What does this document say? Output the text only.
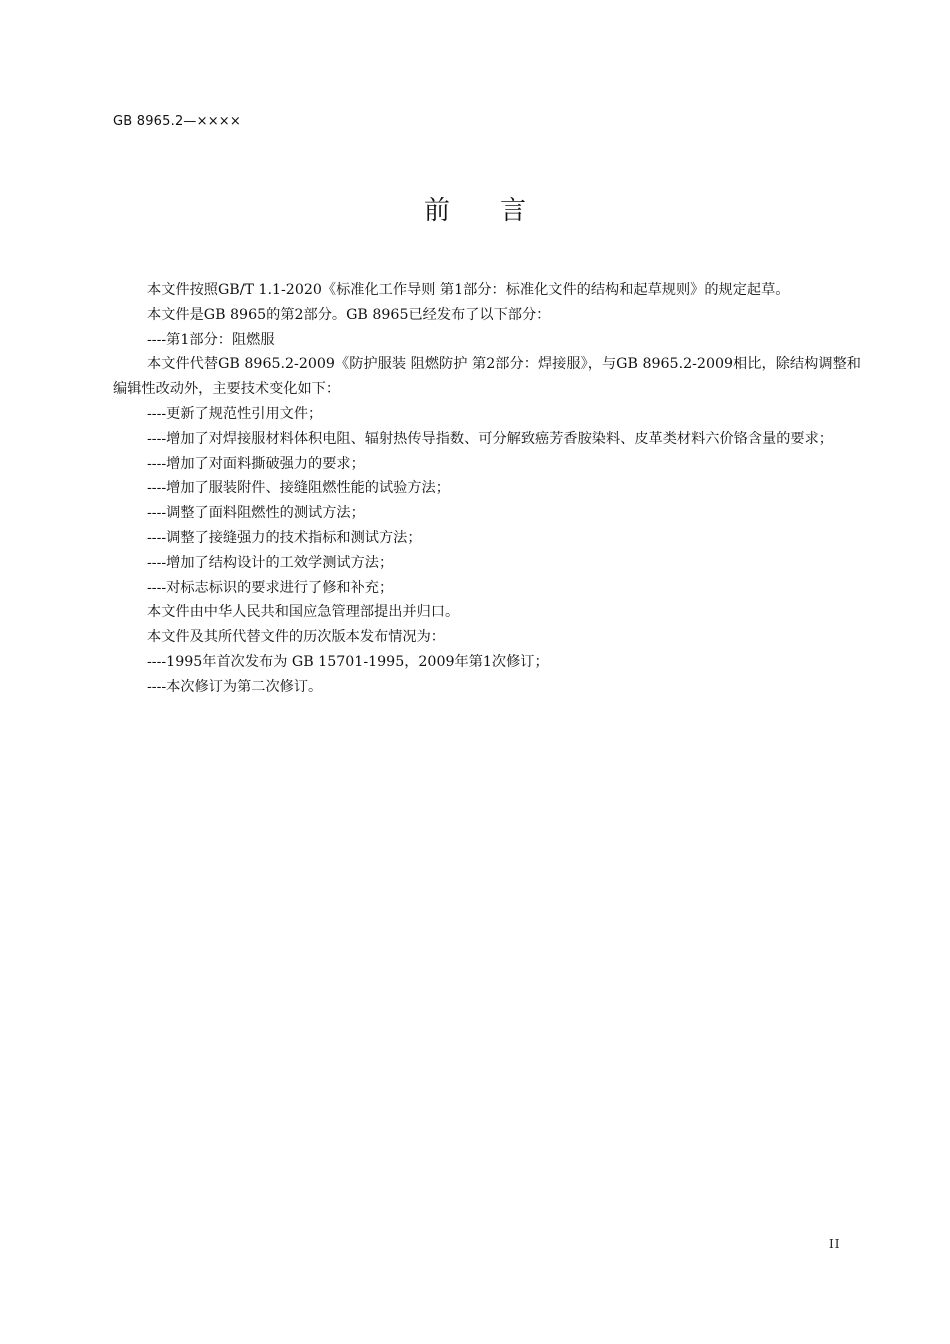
GB 8965.2—××××
前 言

本文件按照GB/T 1.1-2020《标准化工作导则 第1部分：标准化文件的结构和起草规则》的规定起草。

本文件是GB 8965的第2部分。GB 8965已经发布了以下部分：

----第1部分：阻燃服

本文件代替GB 8965.2-2009《防护服装 阻燃防护 第2部分：焊接服》，与GB 8965.2-2009相比，除结构调整和编辑性改动外，主要技术变化如下：

----更新了规范性引用文件；

----增加了对焊接服材料体积电阻、辐射热传导指数、可分解致癌芳香胺染料、皮革类材料六价铬含量的要求；

----增加了对面料撕破强力的要求；

----增加了服装附件、接缝阻燃性能的试验方法；

----调整了面料阻燃性的测试方法；

----调整了接缝强力的技术指标和测试方法；

----增加了结构设计的工效学测试方法；

----对标志标识的要求进行了修和补充；

本文件由中华人民共和国应急管理部提出并归口。

本文件及其所代替文件的历次版本发布情况为：

----1995年首次发布为 GB 15701-1995，2009年第1次修订；

----本次修订为第二次修订。

II
